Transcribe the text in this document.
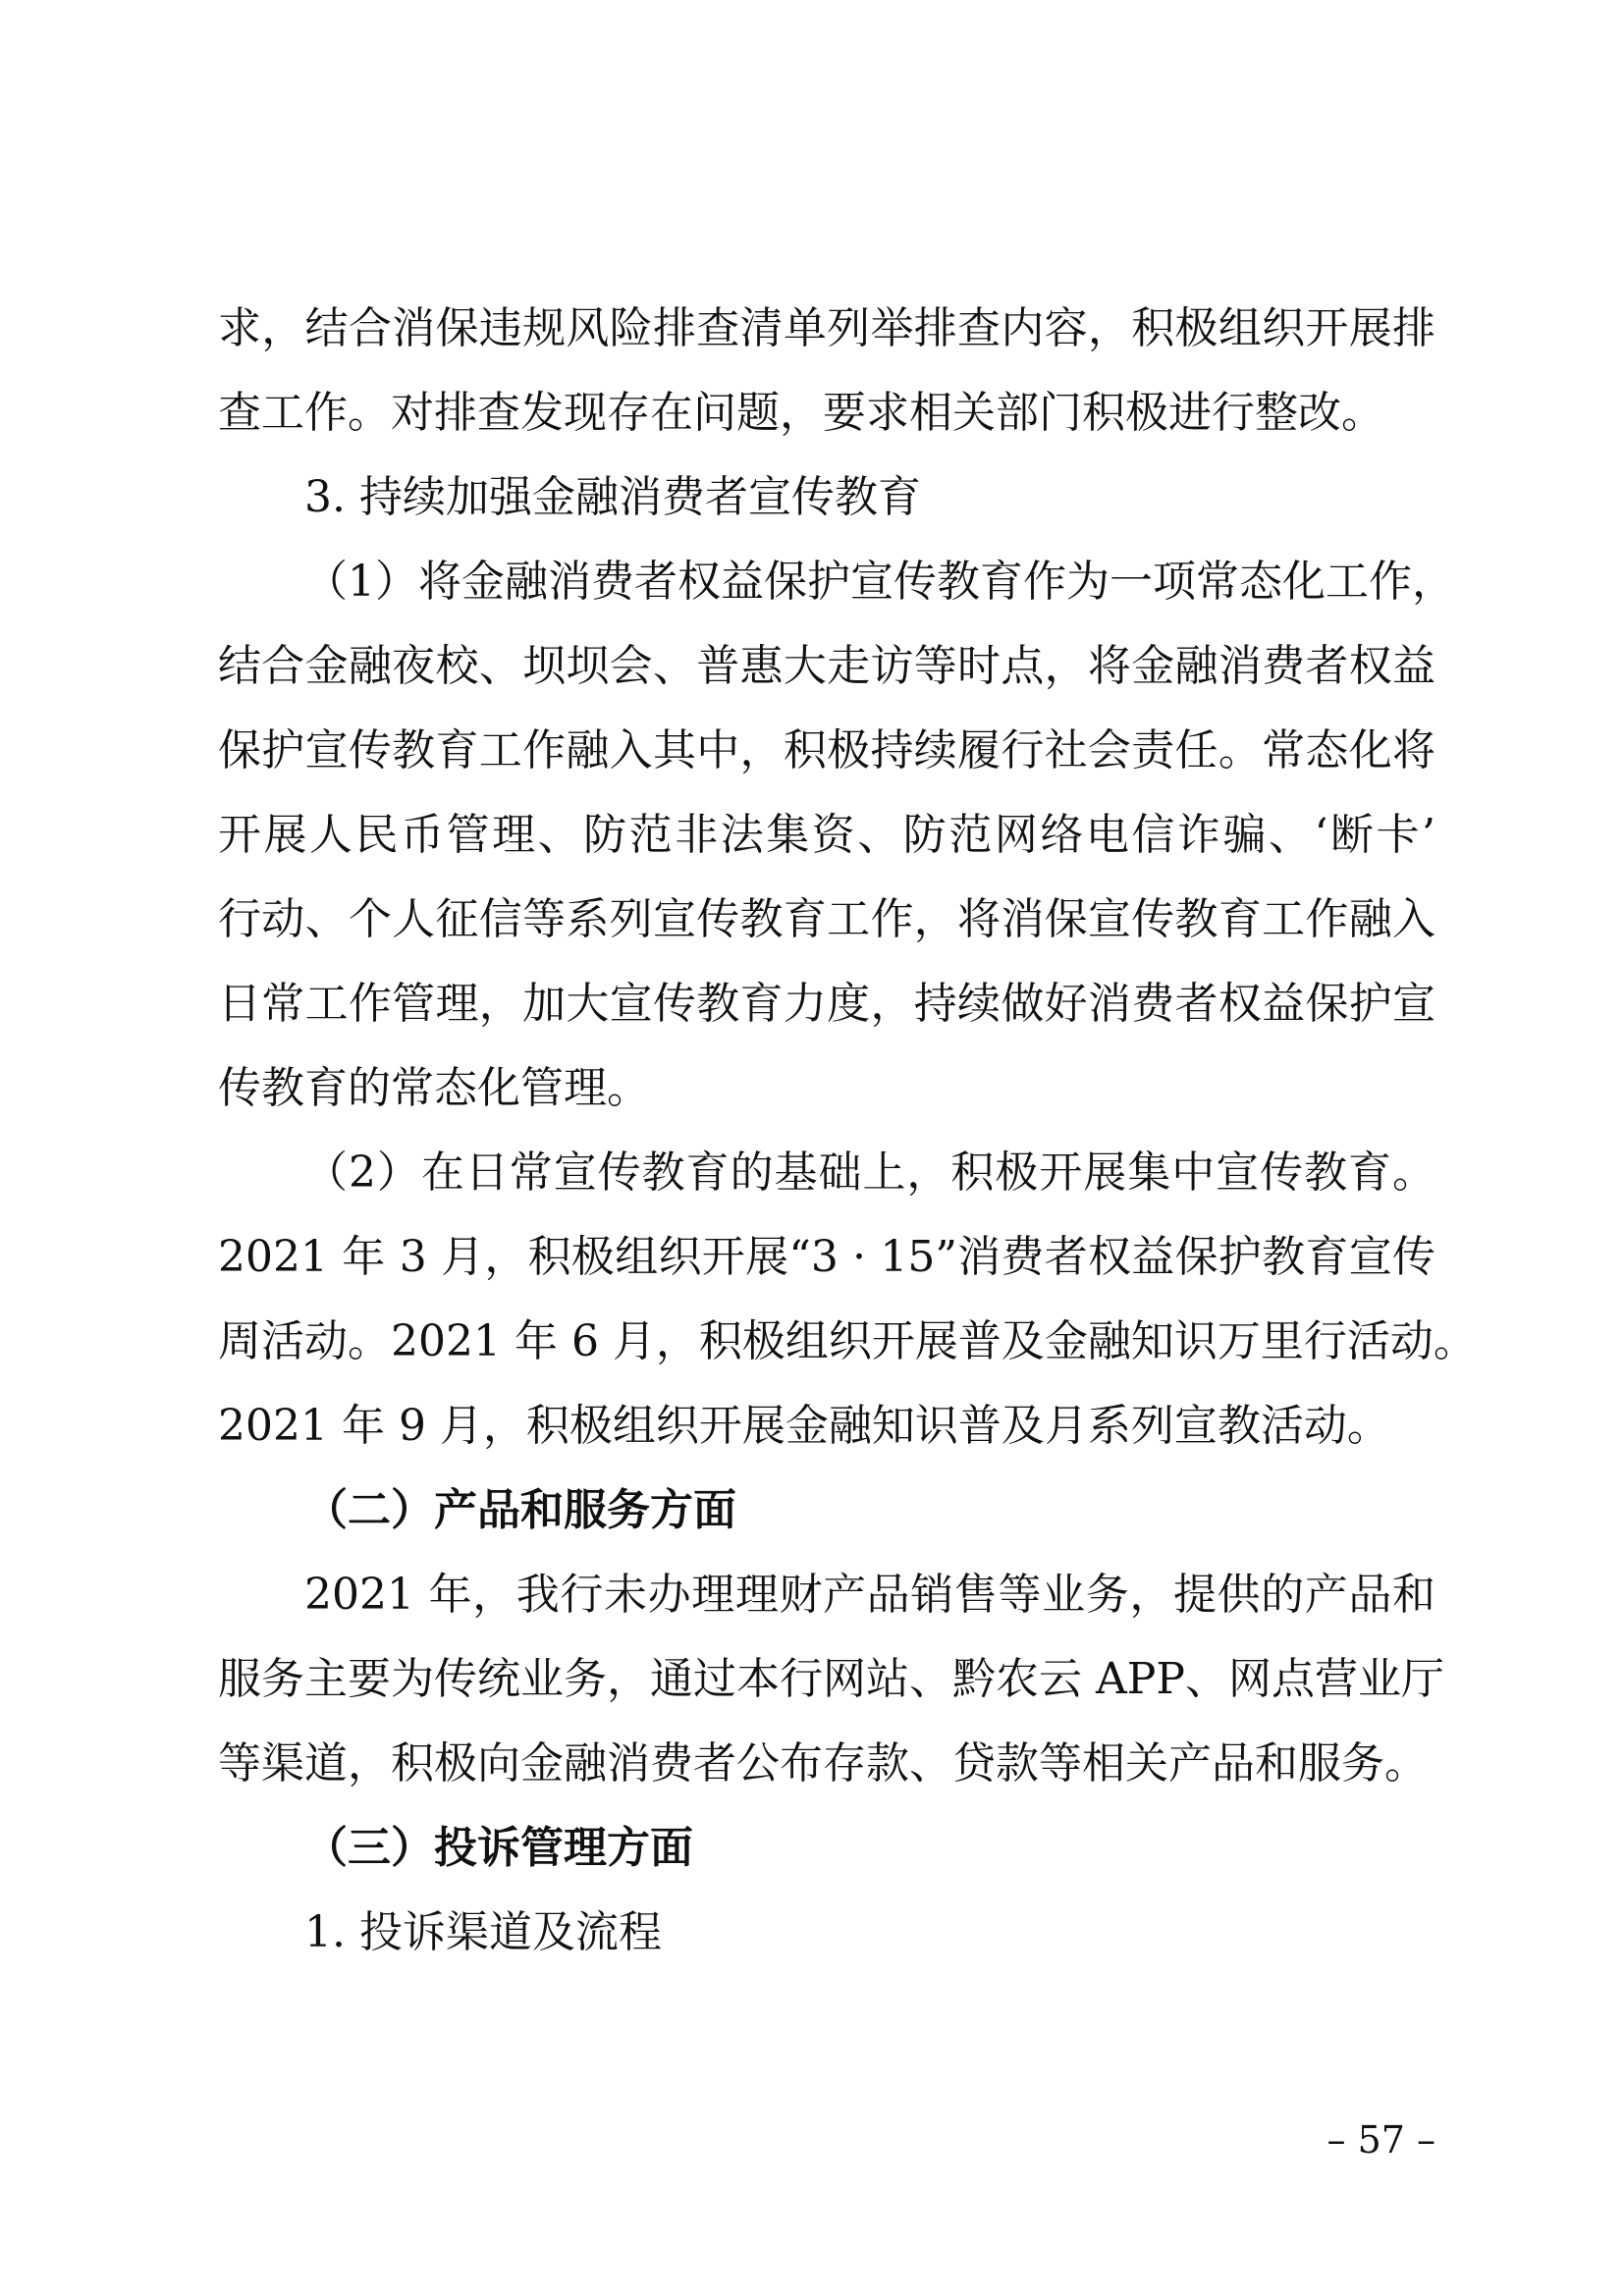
求，结合消保违规风险排查清单列举排查内容，积极组织开展排
查工作。对排查发现存在问题，要求相关部门积极进行整改。
3. 持续加强金融消费者宣传教育
（1）将金融消费者权益保护宣传教育作为一项常态化工作，
结合金融夜校、坝坝会、普惠大走访等时点，将金融消费者权益
保护宣传教育工作融入其中，积极持续履行社会责任。常态化将
开展人民币管理、防范非法集资、防范网络电信诈骗、‘断卡’
行动、个人征信等系列宣传教育工作，将消保宣传教育工作融入
日常工作管理，加大宣传教育力度，持续做好消费者权益保护宣
传教育的常态化管理。
（2）在日常宣传教育的基础上，积极开展集中宣传教育。
2021 年 3 月，积极组织开展“3 · 15”消费者权益保护教育宣传
周活动。2021 年 6 月，积极组织开展普及金融知识万里行活动。
2021 年 9 月，积极组织开展金融知识普及月系列宣教活动。
（二）产品和服务方面
2021 年，我行未办理理财产品销售等业务，提供的产品和
服务主要为传统业务，通过本行网站、黔农云 APP、网点营业厅
等渠道，积极向金融消费者公布存款、贷款等相关产品和服务。
（三）投诉管理方面
1. 投诉渠道及流程
– 57 –
